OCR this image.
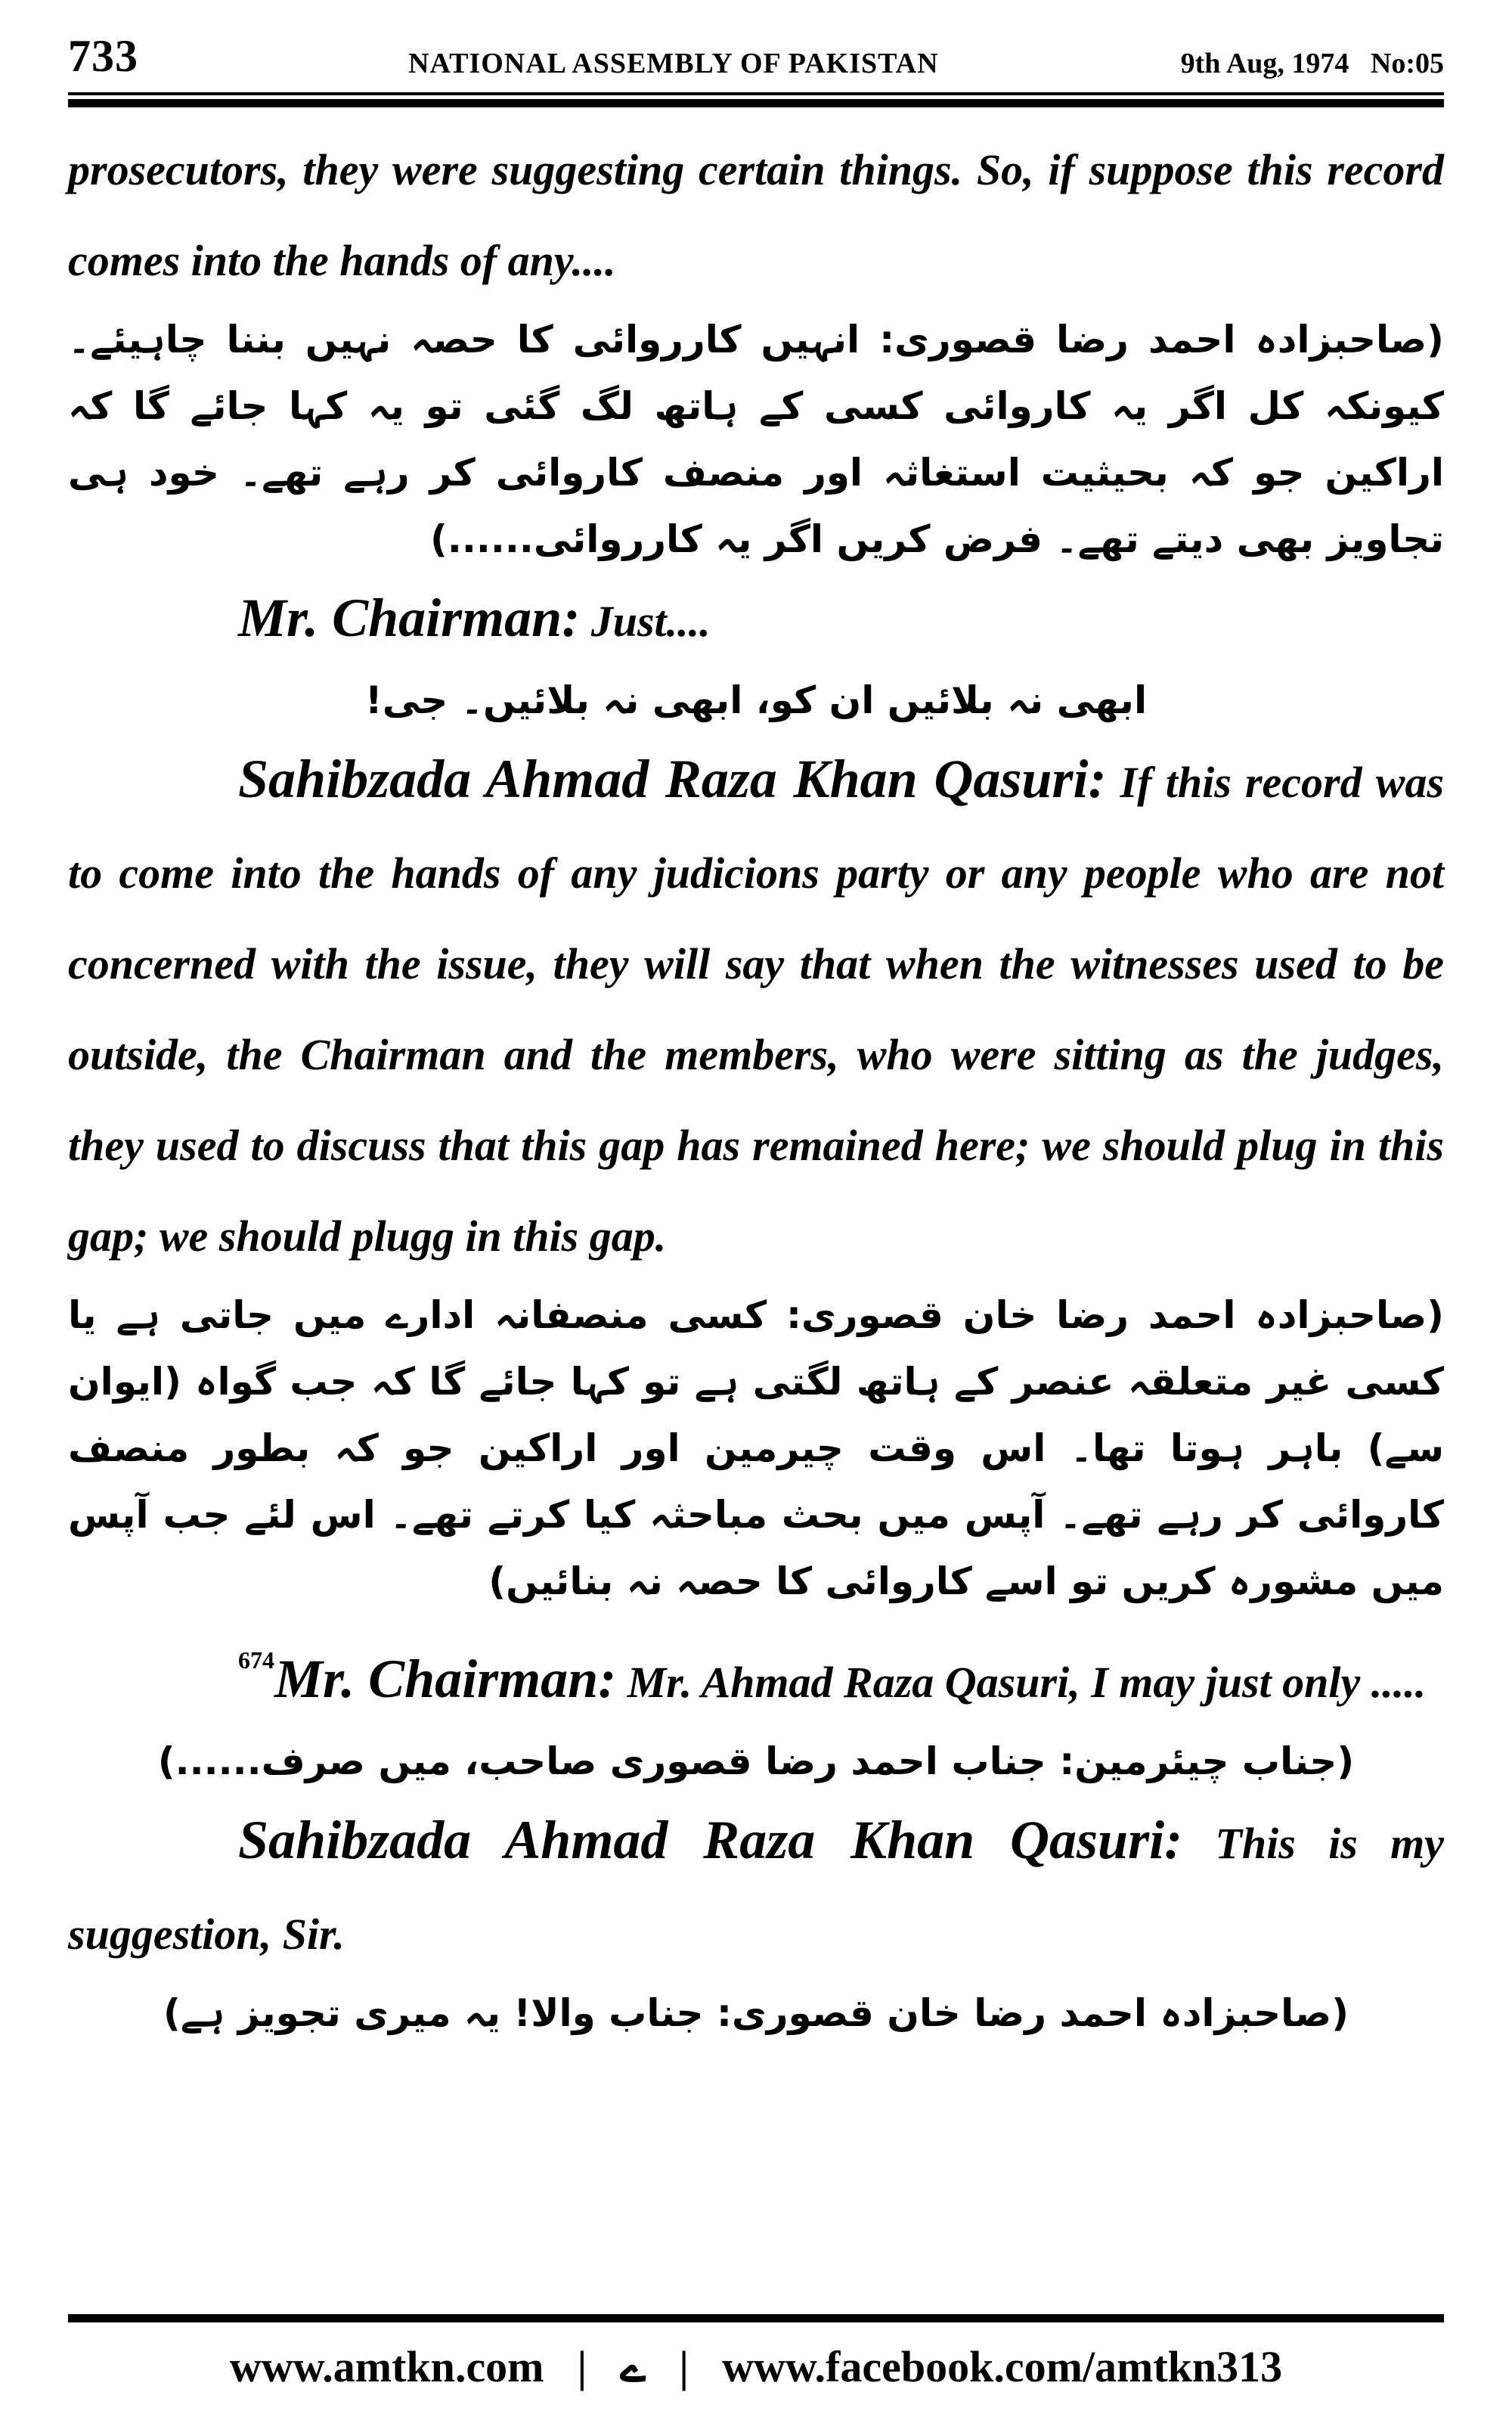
733	NATIONAL ASSEMBLY OF PAKISTAN	9th Aug, 1974   No:05

prosecutors, they were suggesting certain things. So, if suppose this record comes into the hands of any....

(صاحبزادہ احمد رضا قصوری: انہیں کارروائی کا حصہ نہیں بننا چاہیئے۔ کیونکہ کل اگر یہ کاروائی کسی کے ہاتھ لگ گئی تو یہ کہا جائے گا کہ اراکین جو کہ بحیثیت استغاثہ اور منصف کاروائی کر رہے تھے۔ خود ہی تجاویز بھی دیتے تھے۔ فرض کریں اگر یہ کارروائی......)

Mr. Chairman: Just....

ابھی نہ بلائیں ان کو، ابھی نہ بلائیں۔ جی!

Sahibzada Ahmad Raza Khan Qasuri: If this record was to come into the hands of any judicions party or any people who are not concerned with the issue, they will say that when the witnesses used to be outside, the Chairman and the members, who were sitting as the judges, they used to discuss that this gap has remained here; we should plug in this gap; we should plugg in this gap.

(صاحبزادہ احمد رضا خان قصوری: کسی منصفانہ ادارے میں جاتی ہے یا کسی غیر متعلقہ عنصر کے ہاتھ لگتی ہے تو کہا جائے گا کہ جب گواہ (ایوان سے) باہر ہوتا تھا۔ اس وقت چیرمین اور اراکین جو کہ بطور منصف کاروائی کر رہے تھے۔ آپس میں بحث مباحثہ کیا کرتے تھے۔ اس لئے جب آپس میں مشورہ کریں تو اسے کاروائی کا حصہ نہ بنائیں)

$^{674}$Mr. Chairman: Mr. Ahmad Raza Qasuri, I may just only .....

(جناب چیئرمین: جناب احمد رضا قصوری صاحب، میں صرف......)

Sahibzada Ahmad Raza Khan Qasuri: This is my suggestion, Sir.

(صاحبزادہ احمد رضا خان قصوری: جناب والا! یہ میری تجویز ہے)

www.amtkn.com | ے | www.facebook.com/amtkn313
